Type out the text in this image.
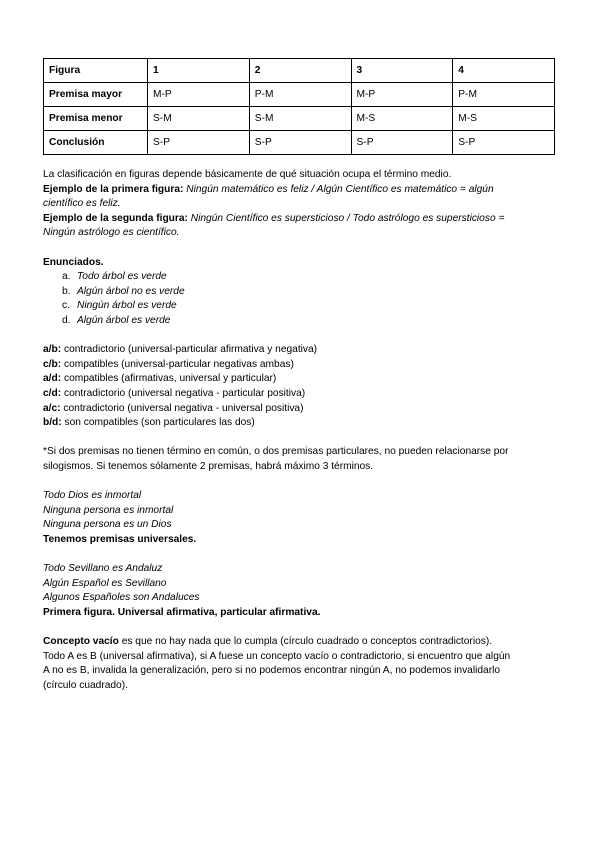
Figura	1	2	3	4
Premisa mayor	M-P	P-M	M-P	P-M
Premisa menor	S-M	S-M	M-S	M-S
Conclusión	S-P	S-P	S-P	S-P

La clasificación en figuras depende básicamente de qué situación ocupa el término medio.

Ejemplo de la primera figura: Ningún matemático es feliz / Algún Científico es matemático = algún

científico es feliz.

Ejemplo de la segunda figura: Ningún Científico es supersticioso / Todo astrólogo es supersticioso =

Ningún astrólogo es científico.

Enunciados.

a. Todo árbol es verde
b. Algún árbol no es verde
c. Ningún árbol es verde
d. Algún árbol es verde

a/b: contradictorio (universal-particular afirmativa y negativa)

c/b: compatibles (universal-particular negativas ambas)

a/d: compatibles (afirmativas, universal y particular)

c/d: contradictorio (universal negativa - particular positiva)

a/c: contradictorio (universal negativa - universal positiva)

b/d: son compatibles (son particulares las dos)

*Si dos premisas no tienen término en común, o dos premisas particulares, no pueden relacionarse por

silogismos. Si tenemos sólamente 2 premisas, habrá máximo 3 términos.

Todo Dios es inmortal

Ninguna persona es inmortal

Ninguna persona es un Dios

Tenemos premisas universales.

Todo Sevillano es Andaluz

Algún Español es Sevillano

Algunos Españoles son Andaluces

Primera figura. Universal afirmativa, particular afirmativa.

Concepto vacío es que no hay nada que lo cumpla (círculo cuadrado o conceptos contradictorios).

Todo A es B (universal afirmativa), si A fuese un concepto vacío o contradictorio, si encuentro que algún

A no es B, invalida la generalización, pero si no podemos encontrar ningún A, no podemos invalidarlo

(círculo cuadrado).
